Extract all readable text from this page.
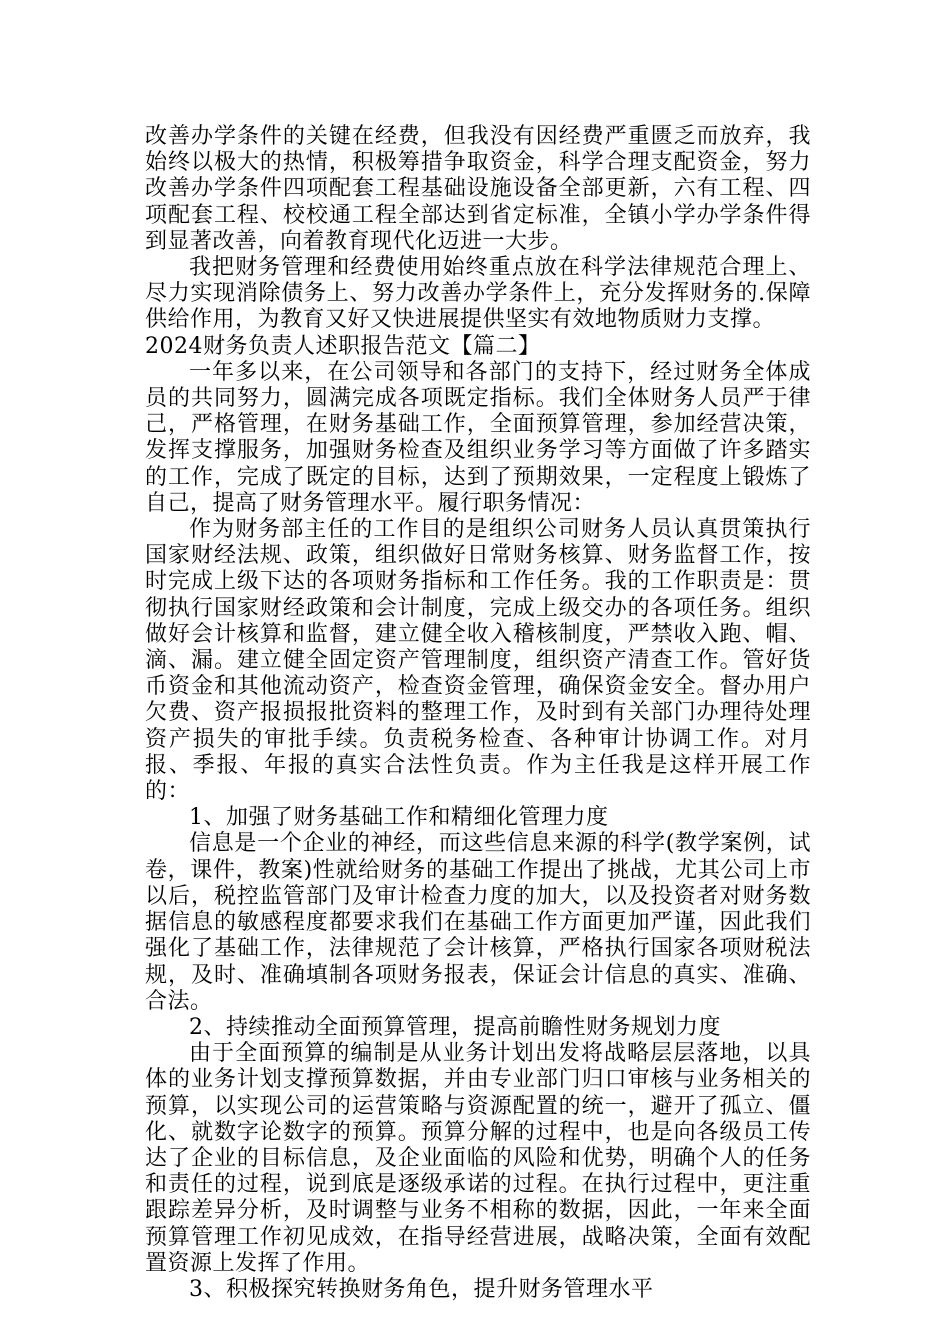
改善办学条件的关键在经费，但我没有因经费严重匮乏而放弃，我始终以极大的热情，积极筹措争取资金，科学合理支配资金，努力改善办学条件四项配套工程基础设施设备全部更新，六有工程、四项配套工程、校校通工程全部达到省定标准，全镇小学办学条件得到显著改善，向着教育现代化迈进一大步。

我把财务管理和经费使用始终重点放在科学法律规范合理上、尽力实现消除债务上、努力改善办学条件上，充分发挥财务的.保障供给作用，为教育又好又快进展提供坚实有效地物质财力支撑。

2024财务负责人述职报告范文【篇二】

一年多以来，在公司领导和各部门的支持下，经过财务全体成员的共同努力，圆满完成各项既定指标。我们全体财务人员严于律己，严格管理，在财务基础工作，全面预算管理，参加经营决策，发挥支撑服务，加强财务检查及组织业务学习等方面做了许多踏实的工作，完成了既定的目标，达到了预期效果，一定程度上锻炼了自己，提高了财务管理水平。履行职务情况：

作为财务部主任的工作目的是组织公司财务人员认真贯策执行国家财经法规、政策，组织做好日常财务核算、财务监督工作，按时完成上级下达的各项财务指标和工作任务。我的工作职责是：贯彻执行国家财经政策和会计制度，完成上级交办的各项任务。组织做好会计核算和监督，建立健全收入稽核制度，严禁收入跑、帽、滴、漏。建立健全固定资产管理制度，组织资产清查工作。管好货币资金和其他流动资产，检查资金管理，确保资金安全。督办用户欠费、资产报损报批资料的整理工作，及时到有关部门办理待处理资产损失的审批手续。负责税务检查、各种审计协调工作。对月报、季报、年报的真实合法性负责。作为主任我是这样开展工作的：

1、加强了财务基础工作和精细化管理力度

信息是一个企业的神经，而这些信息来源的科学(教学案例，试卷，课件，教案)性就给财务的基础工作提出了挑战，尤其公司上市以后，税控监管部门及审计检查力度的加大，以及投资者对财务数据信息的敏感程度都要求我们在基础工作方面更加严谨，因此我们强化了基础工作，法律规范了会计核算，严格执行国家各项财税法规，及时、准确填制各项财务报表，保证会计信息的真实、准确、合法。

2、持续推动全面预算管理，提高前瞻性财务规划力度

由于全面预算的编制是从业务计划出发将战略层层落地，以具体的业务计划支撑预算数据，并由专业部门归口审核与业务相关的预算，以实现公司的运营策略与资源配置的统一，避开了孤立、僵化、就数字论数字的预算。预算分解的过程中，也是向各级员工传达了企业的目标信息，及企业面临的风险和优势，明确个人的任务和责任的过程，说到底是逐级承诺的过程。在执行过程中，更注重跟踪差异分析，及时调整与业务不相称的数据，因此，一年来全面预算管理工作初见成效，在指导经营进展，战略决策，全面有效配置资源上发挥了作用。

3、积极探究转换财务角色，提升财务管理水平
